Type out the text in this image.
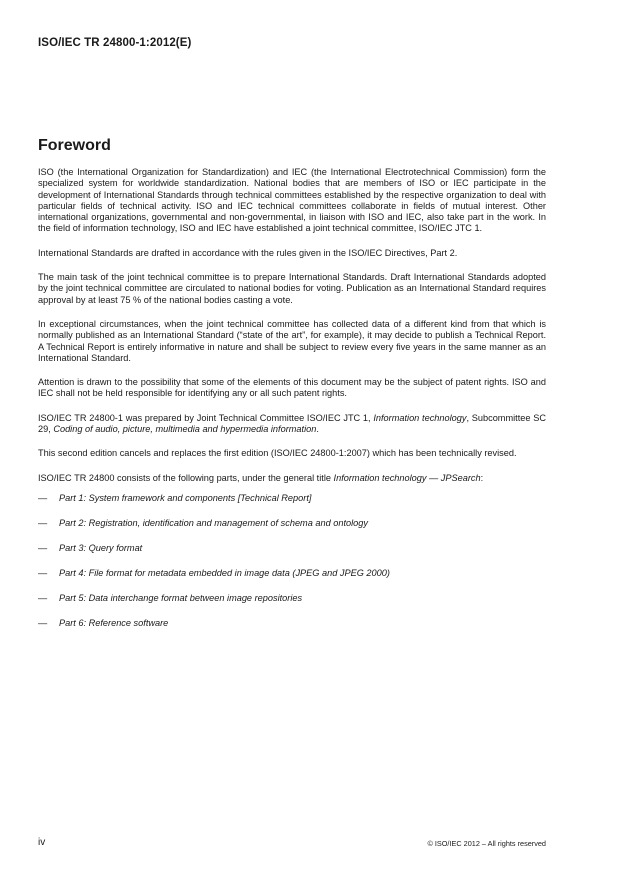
ISO/IEC TR 24800-1:2012(E)
Foreword

ISO (the International Organization for Standardization) and IEC (the International Electrotechnical Commission) form the specialized system for worldwide standardization. National bodies that are members of ISO or IEC participate in the development of International Standards through technical committees established by the respective organization to deal with particular fields of technical activity. ISO and IEC technical committees collaborate in fields of mutual interest. Other international organizations, governmental and non-governmental, in liaison with ISO and IEC, also take part in the work. In the field of information technology, ISO and IEC have established a joint technical committee, ISO/IEC JTC 1.

International Standards are drafted in accordance with the rules given in the ISO/IEC Directives, Part 2.

The main task of the joint technical committee is to prepare International Standards. Draft International Standards adopted by the joint technical committee are circulated to national bodies for voting. Publication as an International Standard requires approval by at least 75 % of the national bodies casting a vote.

In exceptional circumstances, when the joint technical committee has collected data of a different kind from that which is normally published as an International Standard (“state of the art”, for example), it may decide to publish a Technical Report. A Technical Report is entirely informative in nature and shall be subject to review every five years in the same manner as an International Standard.

Attention is drawn to the possibility that some of the elements of this document may be the subject of patent rights. ISO and IEC shall not be held responsible for identifying any or all such patent rights.

ISO/IEC TR 24800-1 was prepared by Joint Technical Committee ISO/IEC JTC 1, Information technology, Subcommittee SC 29, Coding of audio, picture, multimedia and hypermedia information.

This second edition cancels and replaces the first edition (ISO/IEC 24800-1:2007) which has been technically revised.

ISO/IEC TR 24800 consists of the following parts, under the general title Information technology — JPSearch:

—	Part 1: System framework and components [Technical Report]
—	Part 2: Registration, identification and management of schema and ontology
—	Part 3: Query format
—	Part 4: File format for metadata embedded in image data (JPEG and JPEG 2000)
—	Part 5: Data interchange format between image repositories
—	Part 6: Reference software
iv	© ISO/IEC 2012 – All rights reserved
